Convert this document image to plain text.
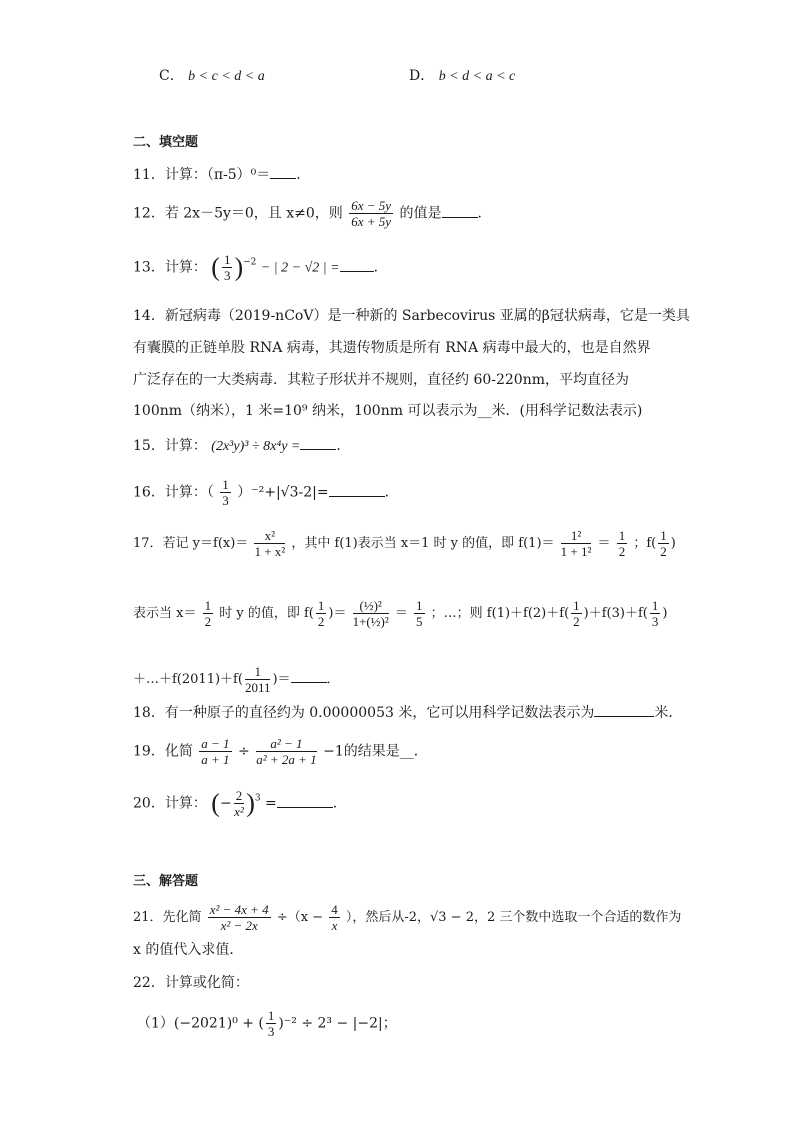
C． b < c < d < a	D． b < d < a < c
二、填空题
11．计算：（π-5）⁰＝ ．
12．若 2x－5y＝0，且 x≠0，则 $\frac{6x - 5y}{6x + 5y}$ 的值是	．
13．计算： ( $\frac{1}{3} )^{-2}$ − | 2 − √2 | = ．
14．新冠病毒（2019-nCoV）是一种新的 Sarbecovirus 亚属的β冠状病毒，它是一类具
有囊膜的正链单股 RNA 病毒，其遗传物质是所有 RNA 病毒中最大的，也是自然界
广泛存在的一大类病毒．其粒子形状并不规则，直径约 60-220nm，平均直径为
100nm（纳米），1 米=10⁹ 纳米，100nm 可以表示为__米．(用科学记数法表示)
15．计算： (2x³y)³ ÷ 8x⁴y =	．
16．计算：（ $\frac{1}{3} )^{-2}+|√3-2|=$	．
17．若记 $y=f(x)= \frac{\text{x²}}{\text{1 + x²}}$ ，其中 f(1)表示当 x＝1 时 y 的值，即 $f(1)= \frac{\text{1²}}{\text{1 + 1²}} = \frac{1}{2}$ ；$f( \frac{1}{2}$ )
表示当 $x= \frac{1}{2}$ 时 y 的值，即 $f( \frac{1}{2}$ )＝ $\frac{\text{(½)²}}{\text{1+(½)²}} = \frac{1}{5}$ ；…；则 $f(1)+f(2)+f( \frac{1}{2} )+f(3)+f( \frac{1}{3}$ )
＋…＋f(2011)＋f( $\frac{1}{2011}$ )＝	．
18．有一种原子的直径约为 0.00000053 米，它可以用科学记数法表示为	米．
19．化简 $\frac{a - 1}{a + 1} \div \frac{\text{a² − 1}}{\text{a² + 2a + 1}} -1$的结果是__．
20．计算： (− $\frac{2}{\text{x²}} )^3$ =	．
三、解答题
21．先化简 $\frac{\text{x² − 4x + 4}}{\text{x² − 2x}} \div(x - \frac{4}{x}$ ），然后从-2，√3 − 2，2 三个数中选取一个合适的数作为
x 的值代入求值．
22．计算或化简：
（1）(−2021)⁰ + ( $\frac{1}{3} )^{-2} \div 2^3 - |-2|$；
